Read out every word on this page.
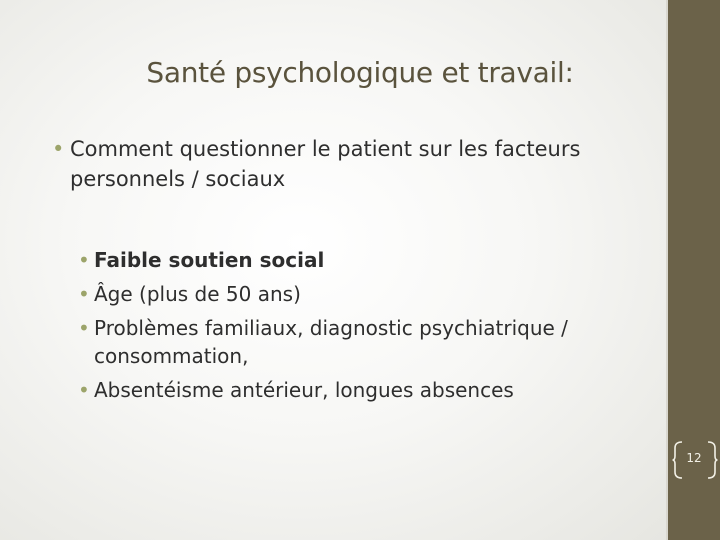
Santé psychologique et travail:
• Comment questionner le patient sur les facteurs personnels / sociaux
• Faible soutien social
• Âge (plus de 50 ans)
• Problèmes familiaux, diagnostic psychiatrique / consommation,
• Absentéisme antérieur, longues absences
12
